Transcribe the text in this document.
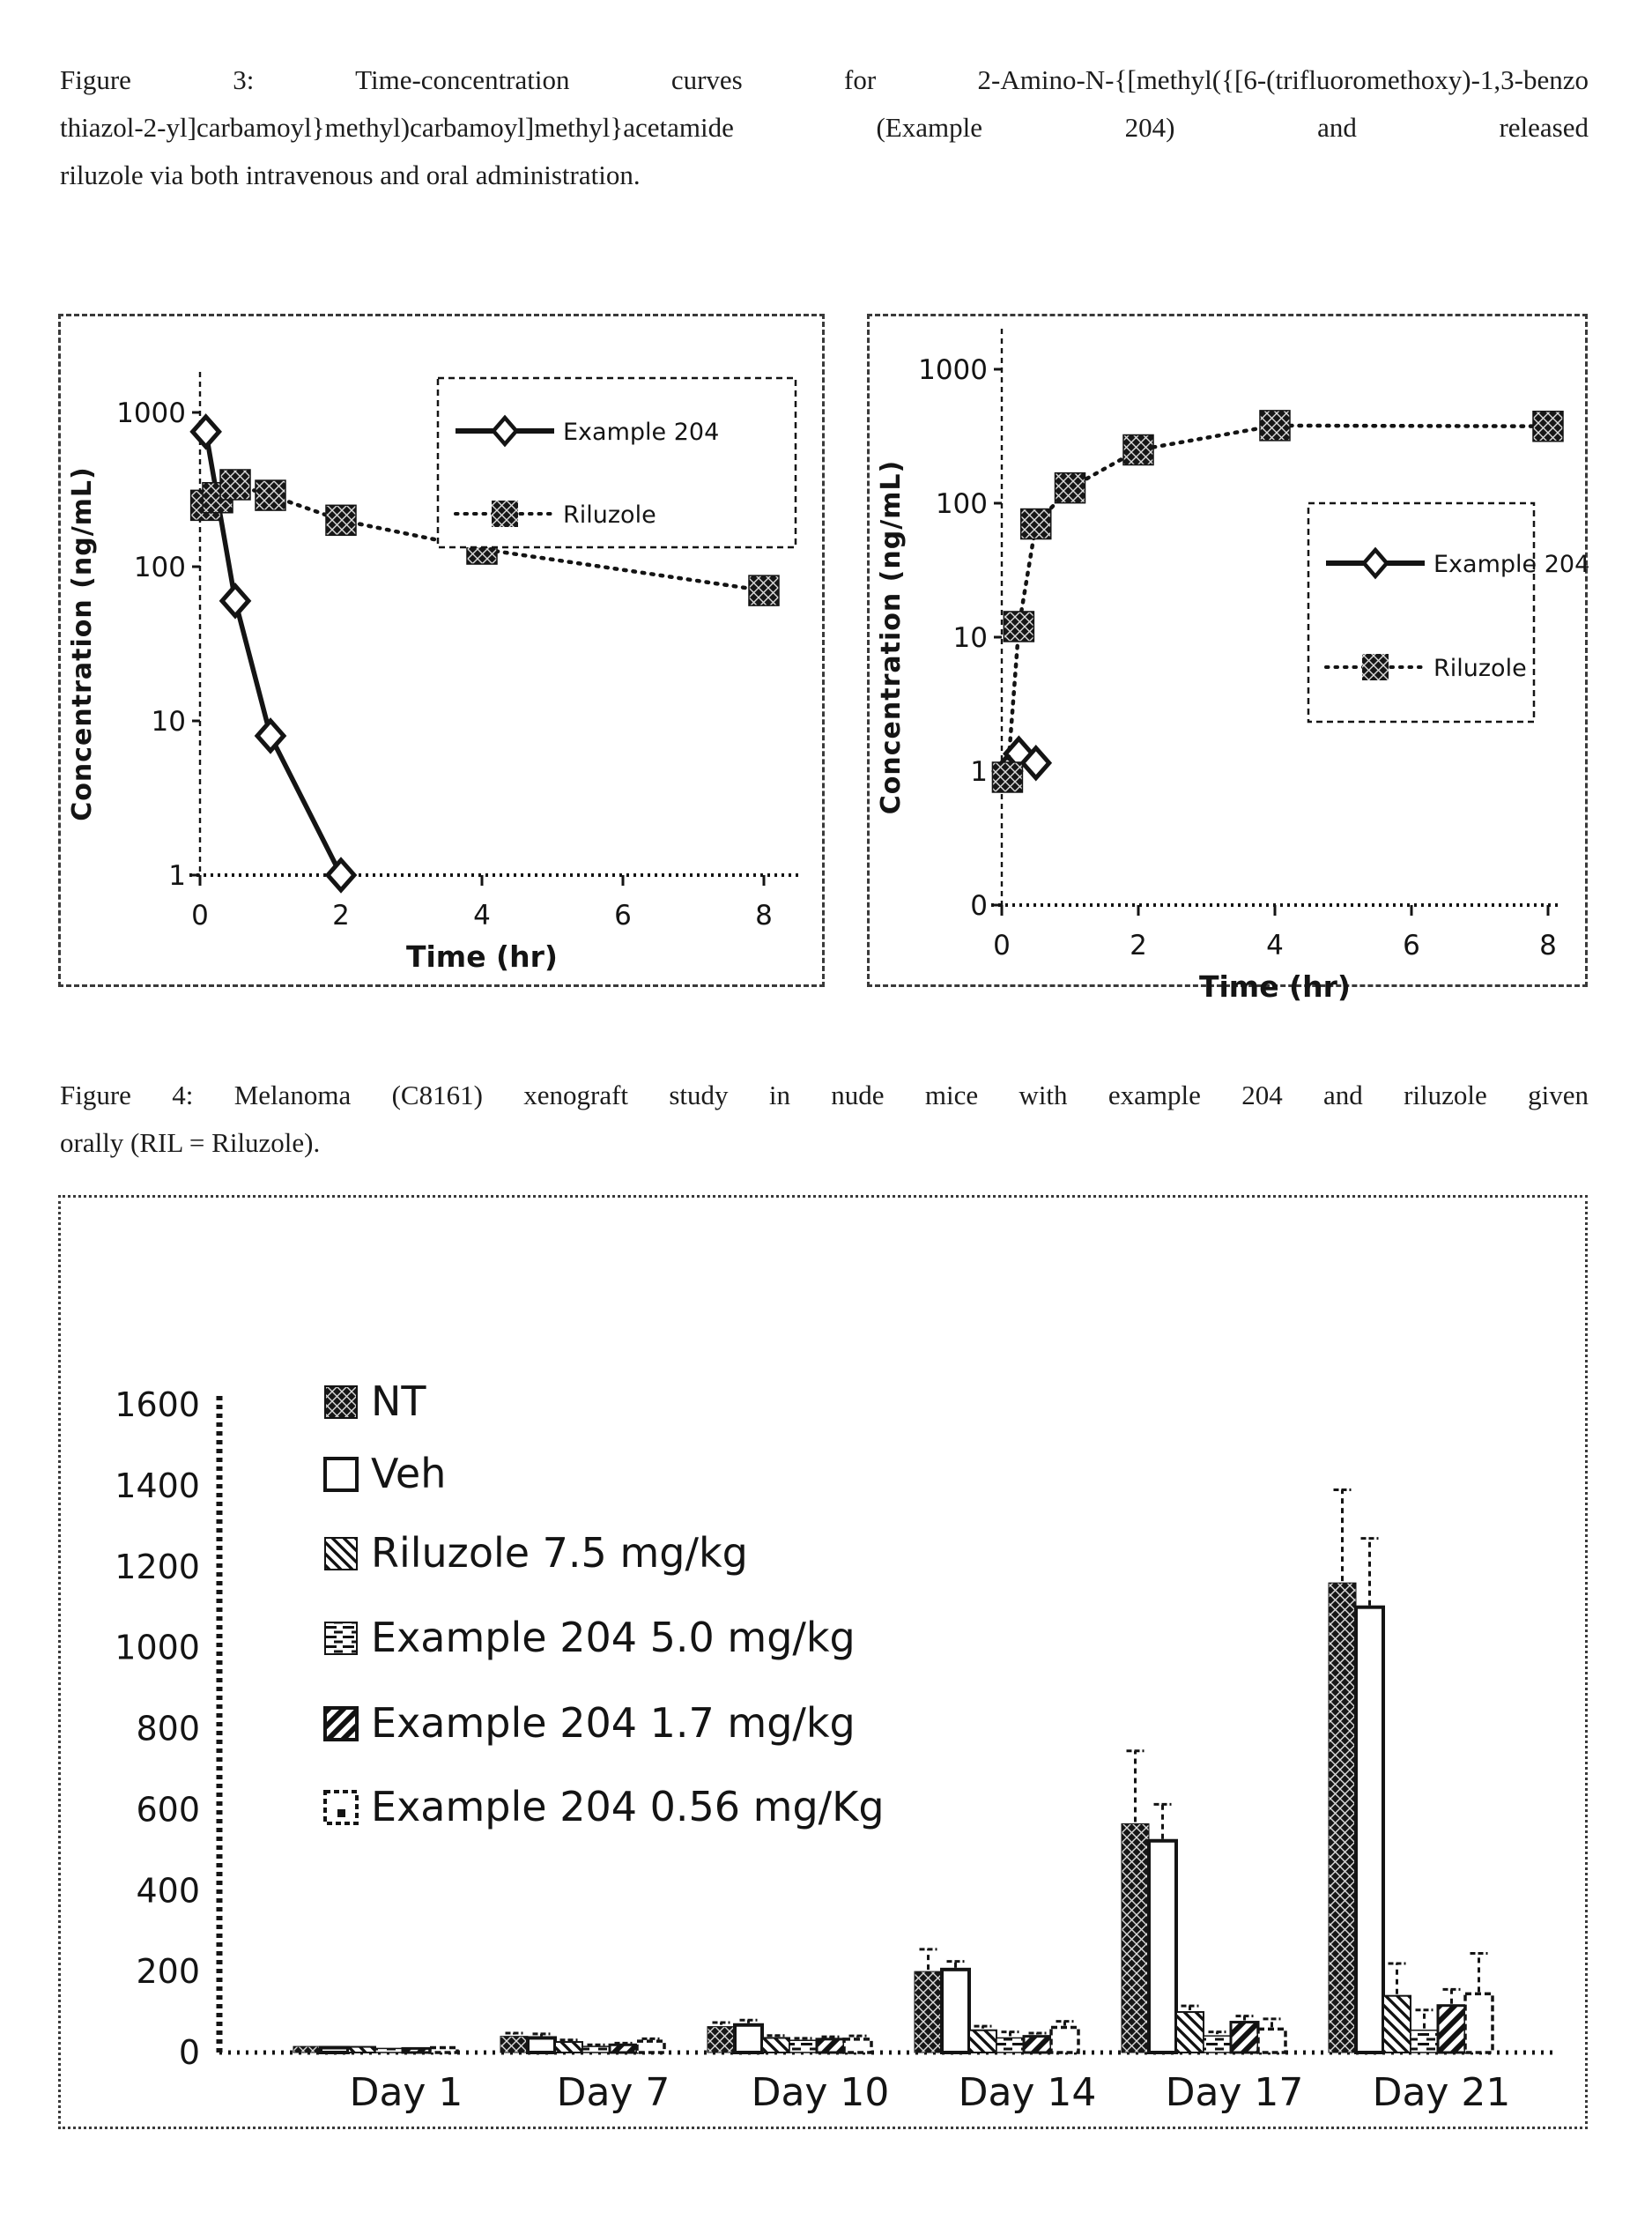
Figure 3: Time-concentration curves for 2-Amino-N-{[methyl({[6-(trifluoromethoxy)-1,3-benzo
thiazol-2-yl]carbamoyl}methyl)carbamoyl]methyl}acetamide (Example 204) and released
riluzole via both intravenous and oral administration.
1000
100
10
1
0	2	4	6	8
Concentration (ng/mL)
Time (hr)
Example 204
Riluzole
1000
100
10
1
0
0	2	4	6	8
Concentration (ng/mL)
Time (hr)
Example 204
Riluzole
Figure 4: Melanoma (C8161) xenograft study in nude mice with example 204 and riluzole given
orally (RIL = Riluzole).
0
200
400
600
800
1000
1200
1400
1600
Day 1 Day 7 Day 10 Day 14 Day 17 Day 21
NT
Veh
Riluzole 7.5 mg/kg
Example 204 5.0 mg/kg
Example 204 1.7 mg/kg
Example 204 0.56 mg/Kg
